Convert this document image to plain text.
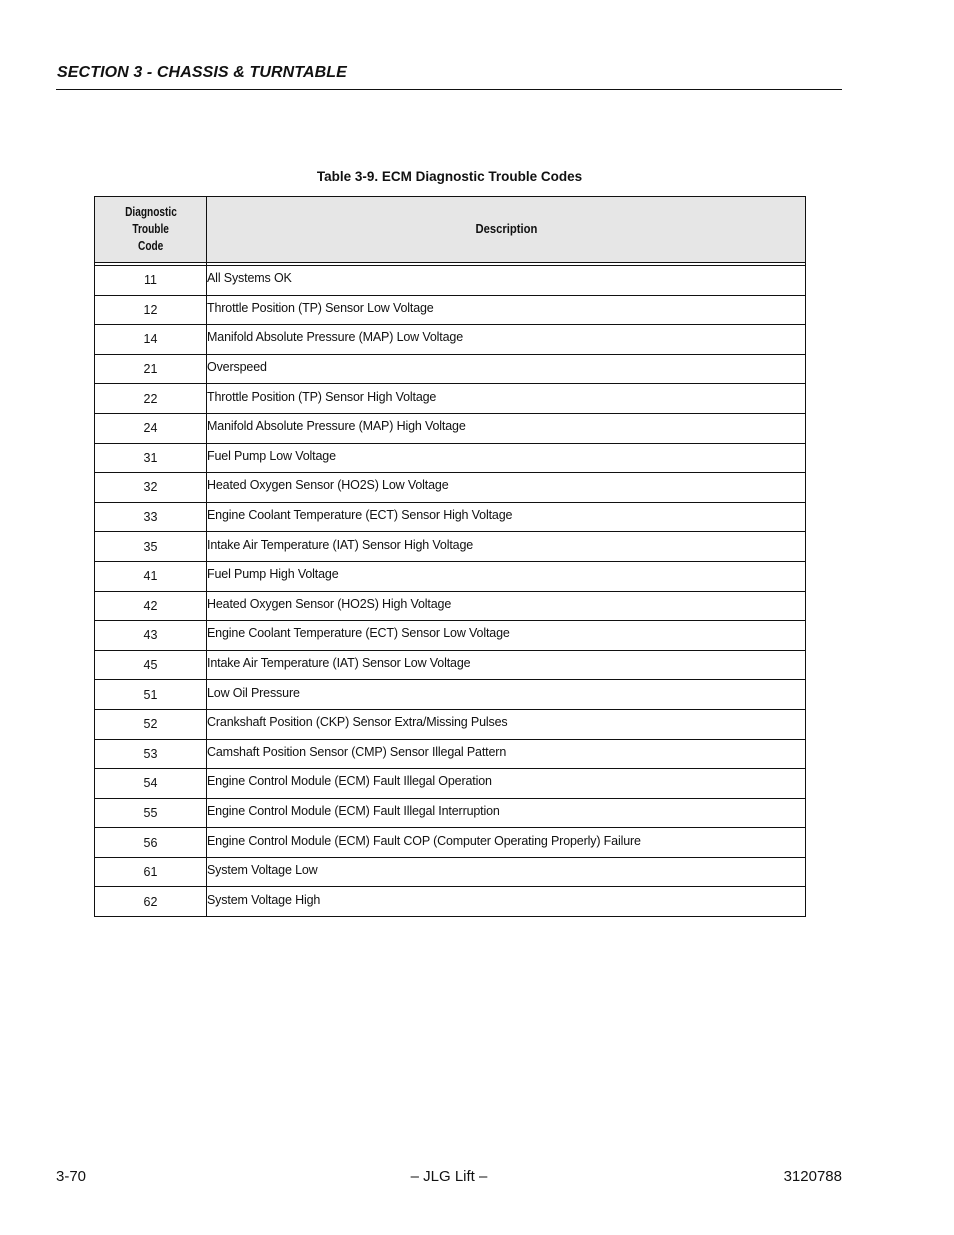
SECTION 3 - CHASSIS & TURNTABLE
Table 3-9. ECM Diagnostic Trouble Codes
Diagnostic
Trouble
Code	Description

11	All Systems OK
12	Throttle Position (TP) Sensor Low Voltage
14	Manifold Absolute Pressure (MAP) Low Voltage
21	Overspeed
22	Throttle Position (TP) Sensor High Voltage
24	Manifold Absolute Pressure (MAP) High Voltage
31	Fuel Pump Low Voltage
32	Heated Oxygen Sensor (HO2S) Low Voltage
33	Engine Coolant Temperature (ECT) Sensor High Voltage
35	Intake Air Temperature (IAT) Sensor High Voltage
41	Fuel Pump High Voltage
42	Heated Oxygen Sensor (HO2S) High Voltage
43	Engine Coolant Temperature (ECT) Sensor Low Voltage
45	Intake Air Temperature (IAT) Sensor Low Voltage
51	Low Oil Pressure
52	Crankshaft Position (CKP) Sensor Extra/Missing Pulses
53	Camshaft Position Sensor (CMP) Sensor Illegal Pattern
54	Engine Control Module (ECM) Fault Illegal Operation
55	Engine Control Module (ECM) Fault Illegal Interruption
56	Engine Control Module (ECM) Fault COP (Computer Operating Properly) Failure
61	System Voltage Low
62	System Voltage High
3-70	– JLG Lift –	3120788
